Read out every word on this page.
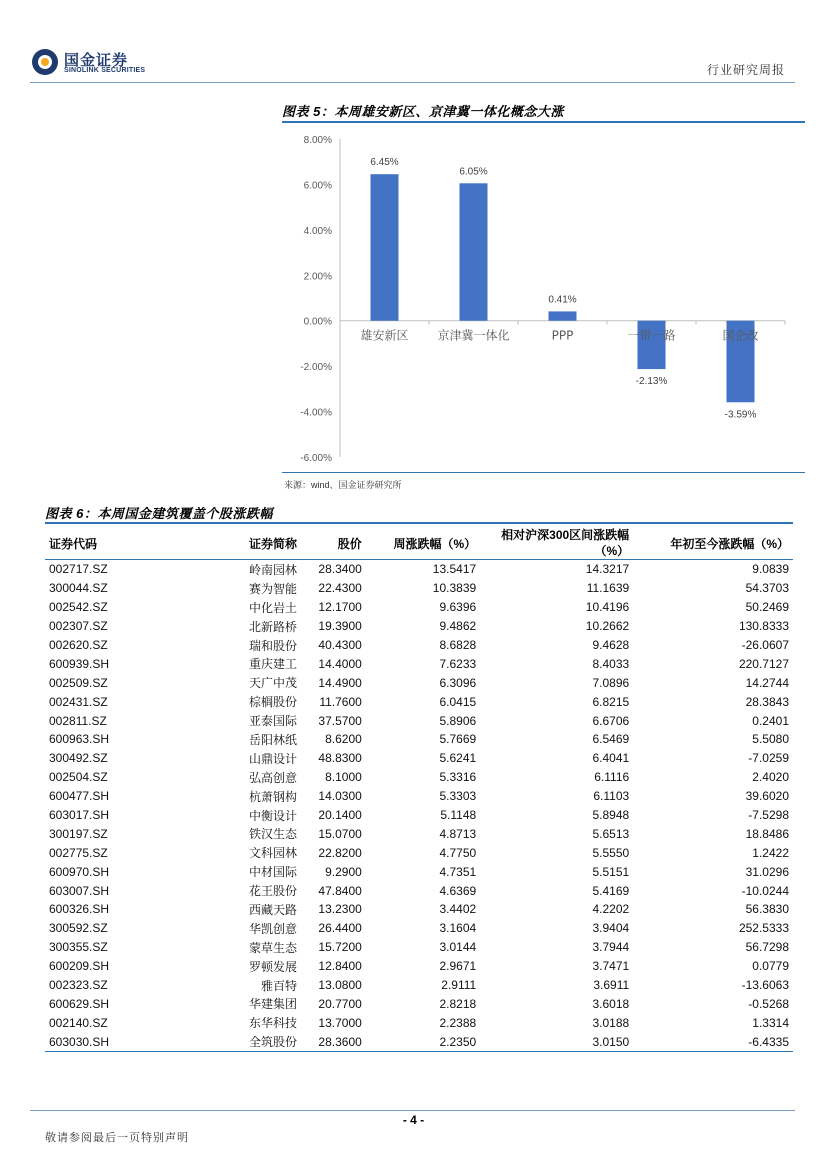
国金证券
SINOLINK SECURITIES	行业研究周报
图表 5：本周雄安新区、京津冀一体化概念大涨
8.00%
6.00%
4.00%
2.00%
0.00%
-2.00%
-4.00%
-6.00%
雄安新区
6.45%
京津冀一体化
6.05%
PPP
0.41%
一带一路
-2.13%
国企改
-3.59%
来源：wind、国金证券研究所
图表 6：本周国金建筑覆盖个股涨跌幅
证券代码	证券简称	股价	周涨跌幅（%）	相对沪深300区间涨跌幅（%）	年初至今涨跌幅（%）
002717.SZ	岭南园林	28.3400	13.5417	14.3217	9.0839
300044.SZ	赛为智能	22.4300	10.3839	11.1639	54.3703
002542.SZ	中化岩土	12.1700	9.6396	10.4196	50.2469
002307.SZ	北新路桥	19.3900	9.4862	10.2662	130.8333
002620.SZ	瑞和股份	40.4300	8.6828	9.4628	-26.0607
600939.SH	重庆建工	14.4000	7.6233	8.4033	220.7127
002509.SZ	天广中茂	14.4900	6.3096	7.0896	14.2744
002431.SZ	棕榈股份	11.7600	6.0415	6.8215	28.3843
002811.SZ	亚泰国际	37.5700	5.8906	6.6706	0.2401
600963.SH	岳阳林纸	8.6200	5.7669	6.5469	5.5080
300492.SZ	山鼎设计	48.8300	5.6241	6.4041	-7.0259
002504.SZ	弘高创意	8.1000	5.3316	6.1116	2.4020
600477.SH	杭萧钢构	14.0300	5.3303	6.1103	39.6020
603017.SH	中衡设计	20.1400	5.1148	5.8948	-7.5298
300197.SZ	铁汉生态	15.0700	4.8713	5.6513	18.8486
002775.SZ	文科园林	22.8200	4.7750	5.5550	1.2422
600970.SH	中材国际	9.2900	4.7351	5.5151	31.0296
603007.SH	花王股份	47.8400	4.6369	5.4169	-10.0244
600326.SH	西藏天路	13.2300	3.4402	4.2202	56.3830
300592.SZ	华凯创意	26.4400	3.1604	3.9404	252.5333
300355.SZ	蒙草生态	15.7200	3.0144	3.7944	56.7298
600209.SH	罗顿发展	12.8400	2.9671	3.7471	0.0779
002323.SZ	雅百特	13.0800	2.9111	3.6911	-13.6063
600629.SH	华建集团	20.7700	2.8218	3.6018	-0.5268
002140.SZ	东华科技	13.7000	2.2388	3.0188	1.3314
603030.SH	全筑股份	28.3600	2.2350	3.0150	-6.4335
- 4 -
敬请参阅最后一页特别声明
